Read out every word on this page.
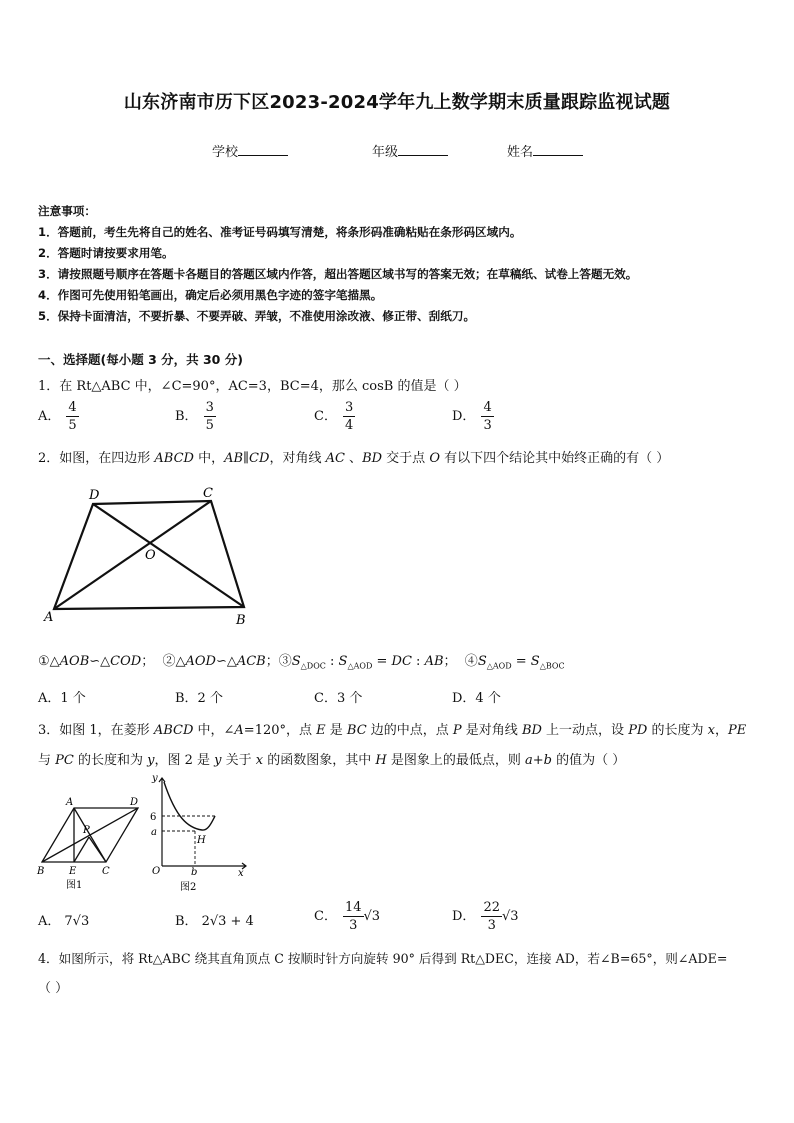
山东济南市历下区2023-2024学年九上数学期末质量跟踪监视试题
学校	年级	姓名
注意事项：
1．答题前，考生先将自己的姓名、准考证号码填写清楚，将条形码准确粘贴在条形码区域内。
2．答题时请按要求用笔。
3．请按照题号顺序在答题卡各题目的答题区域内作答，超出答题区域书写的答案无效；在草稿纸、试卷上答题无效。
4．作图可先使用铅笔画出，确定后必须用黑色字迹的签字笔描黑。
5．保持卡面清洁，不要折暴、不要弄破、弄皱，不准使用涂改液、修正带、刮纸刀。
一、选择题(每小题 3 分，共 30 分)
1．在 Rt△ABC 中，∠C=90°，AC=3，BC=4，那么 cosB 的值是（ ）
A． $\frac{4}{5}$	B． $\frac{3}{5}$	C． $\frac{3}{4}$	D． $\frac{4}{3}$
2．如图，在四边形 ABCD 中，AB∥CD，对角线 AC 、BD 交于点 O 有以下四个结论其中始终正确的有（ ）
A	B
C
D
O
①△AOB∽△COD； ②△AOD∽△ACB；$③S_{\triangle DOC}$ : $S_{\triangle AOD}$ = DC : AB； $④S_{\triangle AOD} = S_{\triangle BOC}$
A．1 个	B．2 个	C．3 个	D．4 个
3．如图 1，在菱形 ABCD 中，∠A=120°，点 E 是 BC 边的中点，点 P 是对角线 BD 上一动点，设 PD 的长度为 x，PE
与 PC 的长度和为 y，图 2 是 y 关于 x 的函数图象，其中 H 是图象上的最低点，则 a+b 的值为（ ）
A	D
P
B E	C
图1
y
6
a
H
O	b	x
图2
A． 7√3	B． 2√3 + 4	C． $\frac{14}{3} √3$	D． $\frac{22}{3} √3$
4．如图所示，将 Rt△ABC 绕其直角顶点 C 按顺时针方向旋转 90° 后得到 Rt△DEC，连接 AD，若∠B=65°，则∠ADE=
（ ）
